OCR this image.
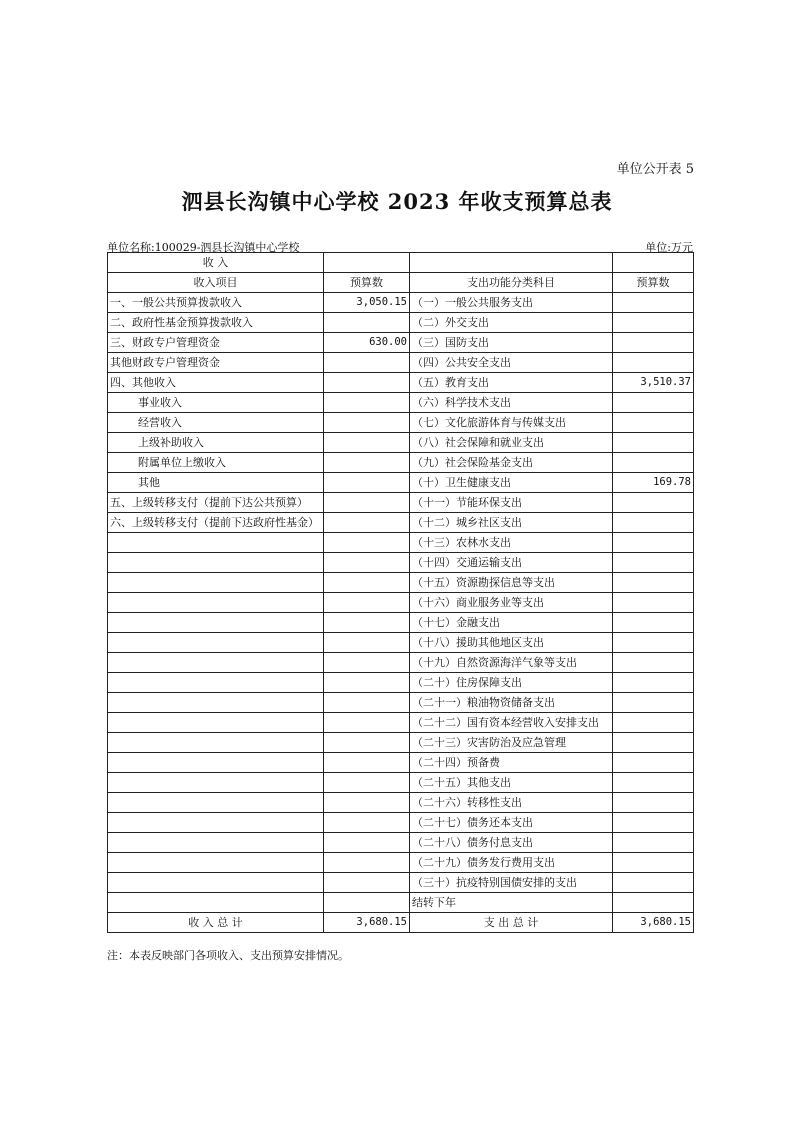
单位公开表 5
泗县长沟镇中心学校 2023 年收支预算总表
单位名称:100029-泗县长沟镇中心学校	单位:万元
收 入			
收入项目	预算数	支出功能分类科目	预算数
一、一般公共预算拨款收入	3,050.15	（一）一般公共服务支出	
二、政府性基金预算拨款收入		（二）外交支出	
三、财政专户管理资金	630.00	（三）国防支出	
其他财政专户管理资金		（四）公共安全支出	
四、其他收入		（五）教育支出	3,510.37
事业收入		（六）科学技术支出	
经营收入		（七）文化旅游体育与传媒支出	
上级补助收入		（八）社会保障和就业支出	
附属单位上缴收入		（九）社会保险基金支出	
其他		（十）卫生健康支出	169.78
五、上级转移支付（提前下达公共预算）		（十一）节能环保支出	
六、上级转移支付（提前下达政府性基金）		（十二）城乡社区支出	
		（十三）农林水支出	
		（十四）交通运输支出	
		（十五）资源勘探信息等支出	
		（十六）商业服务业等支出	
		（十七）金融支出	
		（十八）援助其他地区支出	
		（十九）自然资源海洋气象等支出	
		（二十）住房保障支出	
		（二十一）粮油物资储备支出	
		（二十二）国有资本经营收入安排支出	
		（二十三）灾害防治及应急管理	
		（二十四）预备费	
		（二十五）其他支出	
		（二十六）转移性支出	
		（二十七）债务还本支出	
		（二十八）债务付息支出	
		（二十九）债务发行费用支出	
		（三十）抗疫特别国债安排的支出	
		结转下年	
收 入 总 计	3,680.15	支 出 总 计	3,680.15
注：本表反映部门各项收入、支出预算安排情况。
